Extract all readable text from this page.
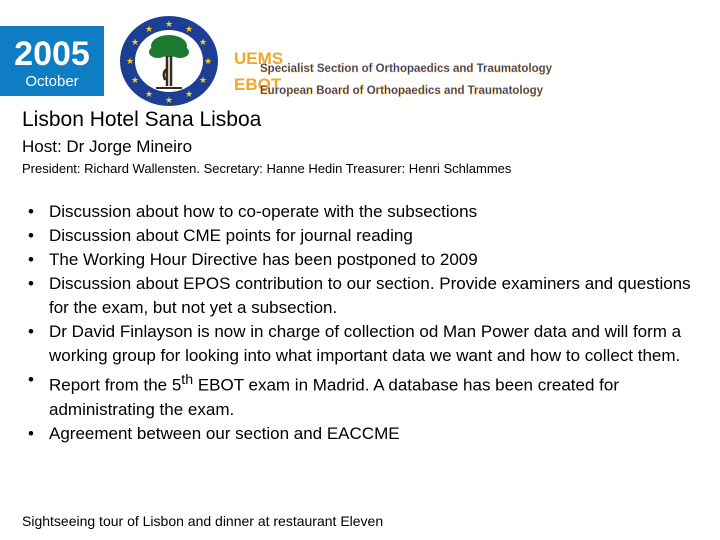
2005
October
★ ★
★
★
★
★
★
★
★
★
★
★
UEMS
EBOT
Specialist Section of Orthopaedics and Traumatology
European Board of Orthopaedics and Traumatology
Lisbon Hotel Sana Lisboa
Host: Dr Jorge Mineiro
President: Richard Wallensten. Secretary: Hanne Hedin Treasurer: Henri Schlammes
• Discussion about how to co-operate with the subsections
• Discussion about CME points for journal reading
• The Working Hour Directive has been postponed to 2009
• Discussion about EPOS contribution to our section. Provide examiners and questions for the exam, but not yet a subsection.
• Dr David Finlayson is now in charge of collection od Man Power data and will form a working group for looking into what important data we want and how to collect them.
• Report from the 5th EBOT exam in Madrid. A database has been created for administrating the exam.
• Agreement between our section and EACCME
Sightseeing tour of Lisbon and dinner at restaurant Eleven
